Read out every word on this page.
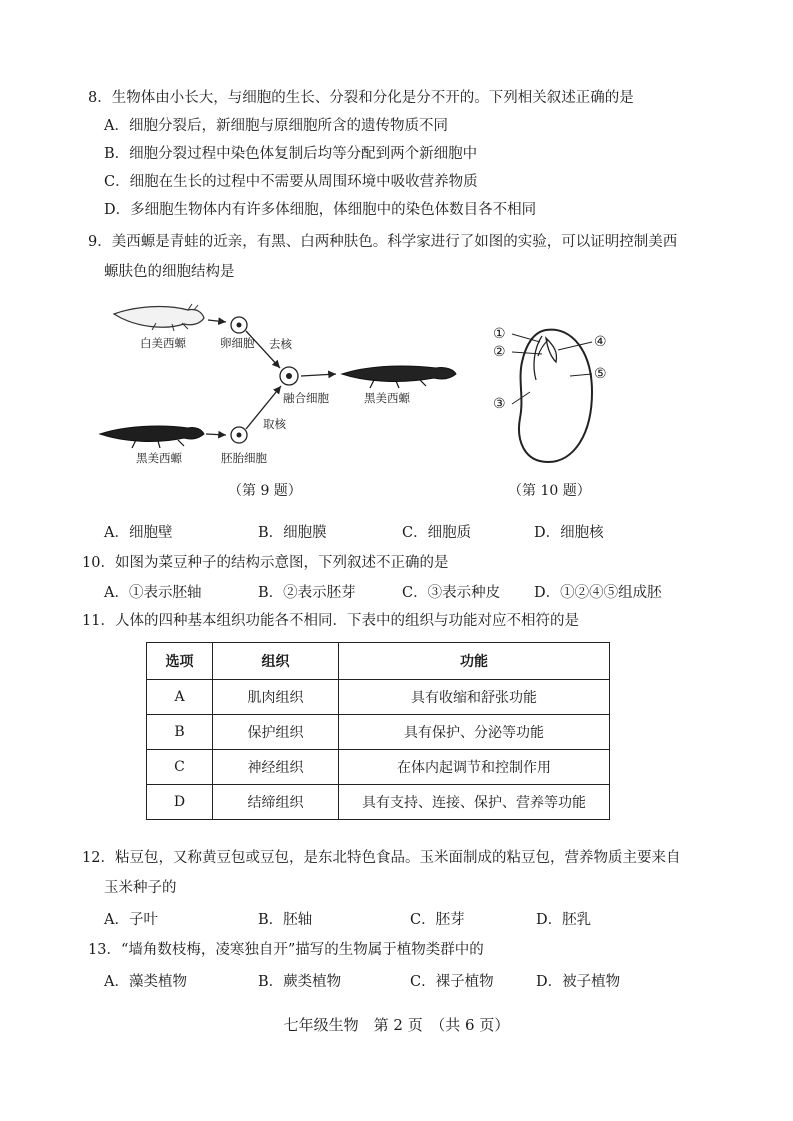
8．生物体由小长大，与细胞的生长、分裂和分化是分不开的。下列相关叙述正确的是
A．细胞分裂后，新细胞与原细胞所含的遗传物质不同
B．细胞分裂过程中染色体复制后均等分配到两个新细胞中
C．细胞在生长的过程中不需要从周围环境中吸收营养物质
D．多细胞生物体内有许多体细胞，体细胞中的染色体数目各不相同
9．美西螈是青蛙的近亲，有黑、白两种肤色。科学家进行了如图的实验，可以证明控制美西
螈肤色的细胞结构是
白美西螈	卵细胞 去核
融合细胞	黑美西螈
取核
黑美西螈	胚胎细胞
（第 9 题）
①
②
③
④
⑤
（第 10 题）
A．细胞壁	B．细胞膜	C．细胞质	D．细胞核
10．如图为菜豆种子的结构示意图，下列叙述不正确的是
A．①表示胚轴	B．②表示胚芽	C．③表示种皮 D．①②④⑤组成胚
11．人体的四种基本组织功能各不相同．下表中的组织与功能对应不相符的是
选项	组织	功能
A	肌肉组织	具有收缩和舒张功能
B	保护组织	具有保护、分泌等功能
C	神经组织	在体内起调节和控制作用
D	结缔组织	具有支持、连接、保护、营养等功能
12．粘豆包，又称黄豆包或豆包，是东北特色食品。玉米面制成的粘豆包，营养物质主要来自
玉米种子的
A．子叶	B．胚轴	C．胚芽	D．胚乳
13．“墙角数枝梅，凌寒独自开”描写的生物属于植物类群中的
A．藻类植物	B．蕨类植物	C．裸子植物	D．被子植物
七年级生物　第 2 页　（共 6 页）
